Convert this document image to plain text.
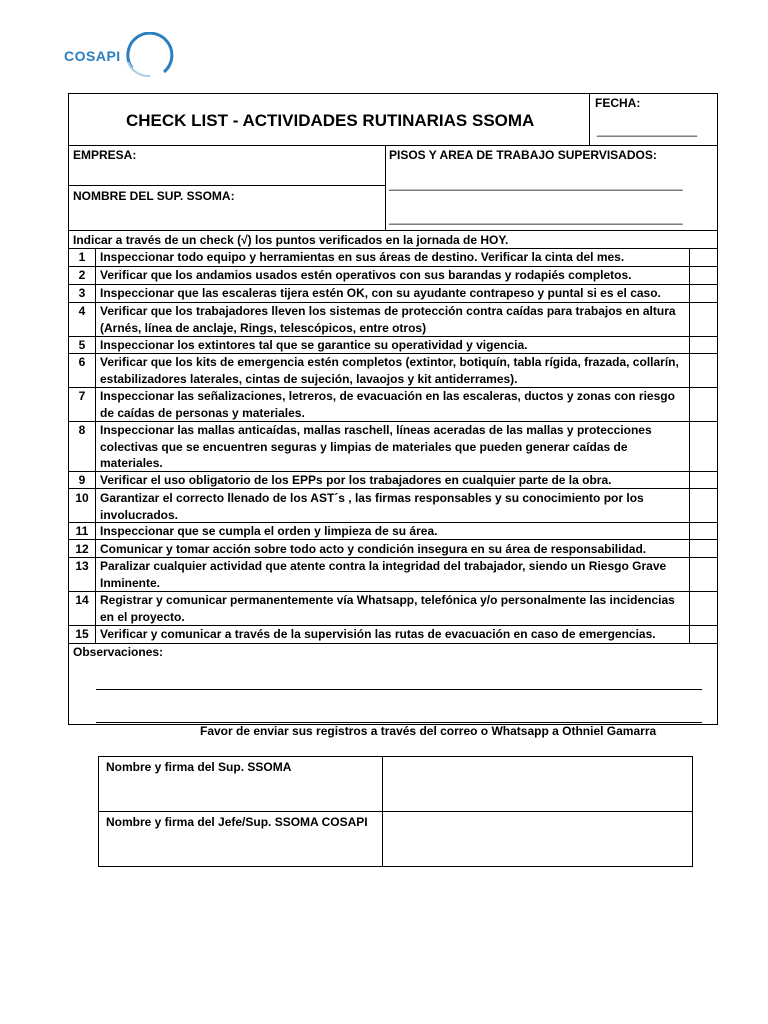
COSAPI
CHECK LIST - ACTIVIDADES RUTINARIAS SSOMA
FECHA:
_______________
EMPRESA:
NOMBRE DEL SUP. SSOMA:
PISOS Y AREA DE TRABAJO SUPERVISADOS:
____________________________________________
____________________________________________
Indicar a través de un check (√) los puntos verificados en la jornada de HOY.
1	Inspeccionar todo equipo y herramientas en sus áreas de destino. Verificar la cinta del mes.
2	Verificar que los andamios usados estén operativos con sus barandas y rodapiés completos.
3	Inspeccionar que las escaleras tijera estén OK, con su ayudante contrapeso y puntal si es el caso.
4	Verificar que los trabajadores lleven los sistemas de protección contra caídas para trabajos en altura (Arnés, línea de anclaje, Rings, telescópicos, entre otros)
5	Inspeccionar los extintores tal que se garantice su operatividad y vigencia.
6	Verificar que los kits de emergencia estén completos (extintor, botiquín, tabla rígida, frazada, collarín, estabilizadores laterales, cintas de sujeción, lavaojos y kit antiderrames).
7	Inspeccionar las señalizaciones, letreros, de evacuación en las escaleras, ductos y zonas con riesgo de caídas de personas y materiales.
8	Inspeccionar las mallas anticaídas, mallas raschell, líneas aceradas de las mallas y protecciones colectivas que se encuentren seguras y limpias de materiales que pueden generar caídas de materiales.
9	Verificar el uso obligatorio de los EPPs por los trabajadores en cualquier parte de la obra.
10 Garantizar el correcto llenado de los AST´s , las firmas responsables y su conocimiento por los involucrados.
11 Inspeccionar que se cumpla el orden y limpieza de su área.
12 Comunicar y tomar acción sobre todo acto y condición insegura en su área de responsabilidad.
13 Paralizar cualquier actividad que atente contra la integridad del trabajador, siendo un Riesgo Grave Inminente.
14 Registrar y comunicar permanentemente vía Whatsapp, telefónica y/o personalmente las incidencias en el proyecto.
15 Verificar y comunicar a través de la supervisión las rutas de evacuación en caso de emergencias.
Observaciones:
Favor de enviar sus registros a través del correo o Whatsapp a Othniel Gamarra
Nombre y firma del Sup. SSOMA
Nombre y firma del Jefe/Sup. SSOMA COSAPI
